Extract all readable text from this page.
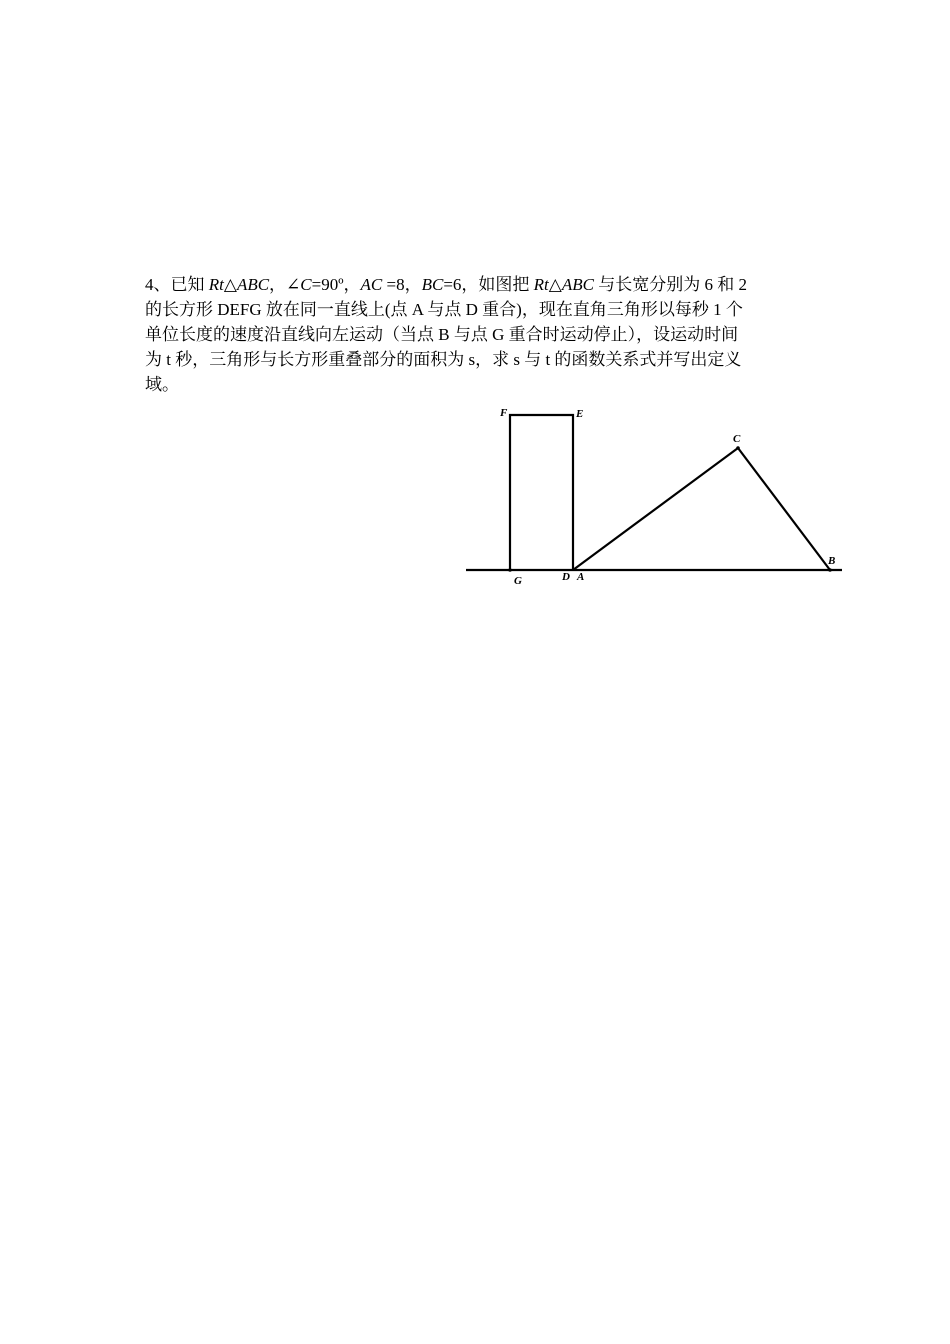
4、已知 Rt△ABC，∠C=90º，AC =8，BC=6，如图把 Rt△ABC 与长宽分别为 6 和 2

的长方形 DEFG 放在同一直线上(点 A 与点 D 重合)，现在直角三角形以每秒 1 个

单位长度的速度沿直线向左运动（当点 B 与点 G 重合时运动停止），设运动时间

为 t 秒，三角形与长方形重叠部分的面积为 s，求 s 与 t 的函数关系式并写出定义

域。

F	E
C
G	D A
B
